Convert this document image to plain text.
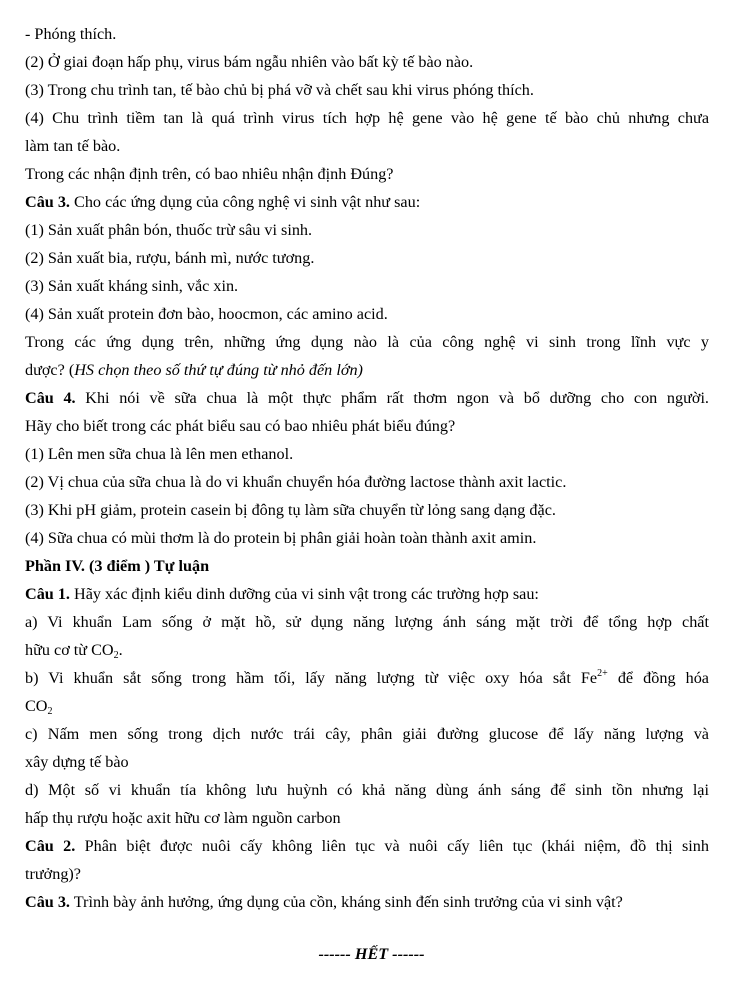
- Phóng thích.
(2) Ở giai đoạn hấp phụ, virus bám ngẫu nhiên vào bất kỳ tế bào nào.
(3) Trong chu trình tan, tế bào chủ bị phá vỡ và chết sau khi virus phóng thích.
(4) Chu trình tiềm tan là quá trình virus tích hợp hệ gene vào hệ gene tế bào chủ nhưng chưa
làm tan tế bào.
Trong các nhận định trên, có bao nhiêu nhận định Đúng?
Câu 3. Cho các ứng dụng của công nghệ vi sinh vật như sau:
(1) Sản xuất phân bón, thuốc trừ sâu vi sinh.
(2) Sản xuất bia, rượu, bánh mì, nước tương.
(3) Sản xuất kháng sinh, vắc xin.
(4) Sản xuất protein đơn bào, hoocmon, các amino acid.
Trong các ứng dụng trên, những ứng dụng nào là của công nghệ vi sinh trong lĩnh vực y
dược? (HS chọn theo số thứ tự đúng từ nhỏ đến lớn)
Câu 4. Khi nói về sữa chua là một thực phẩm rất thơm ngon và bổ dưỡng cho con người.
Hãy cho biết trong các phát biểu sau có bao nhiêu phát biểu đúng?
(1) Lên men sữa chua là lên men ethanol.
(2) Vị chua của sữa chua là do vi khuẩn chuyển hóa đường lactose thành axit lactic.
(3) Khi pH giảm, protein casein bị đông tụ làm sữa chuyển từ lỏng sang dạng đặc.
(4) Sữa chua có mùi thơm là do protein bị phân giải hoàn toàn thành axit amin.
Phần IV. (3 điểm ) Tự luận
Câu 1. Hãy xác định kiểu dinh dưỡng của vi sinh vật trong các trường hợp sau:
a) Vi khuẩn Lam sống ở mặt hồ, sử dụng năng lượng ánh sáng mặt trời để tổng hợp chất
hữu cơ từ $CO_2$.
b) Vi khuẩn sắt sống trong hầm tối, lấy năng lượng từ việc oxy hóa sắt $Fe^{2+}$ để đồng hóa
$CO_2$
c) Nấm men sống trong dịch nước trái cây, phân giải đường glucose để lấy năng lượng và
xây dựng tế bào
d) Một số vi khuẩn tía không lưu huỳnh có khả năng dùng ánh sáng để sinh tồn nhưng lại
hấp thụ rượu hoặc axit hữu cơ làm nguồn carbon
Câu 2. Phân biệt được nuôi cấy không liên tục và nuôi cấy liên tục (khái niệm, đồ thị sinh
trưởng)?
Câu 3. Trình bày ảnh hưởng, ứng dụng của cồn, kháng sinh đến sinh trưởng của vi sinh vật?
------ HẾT ------
